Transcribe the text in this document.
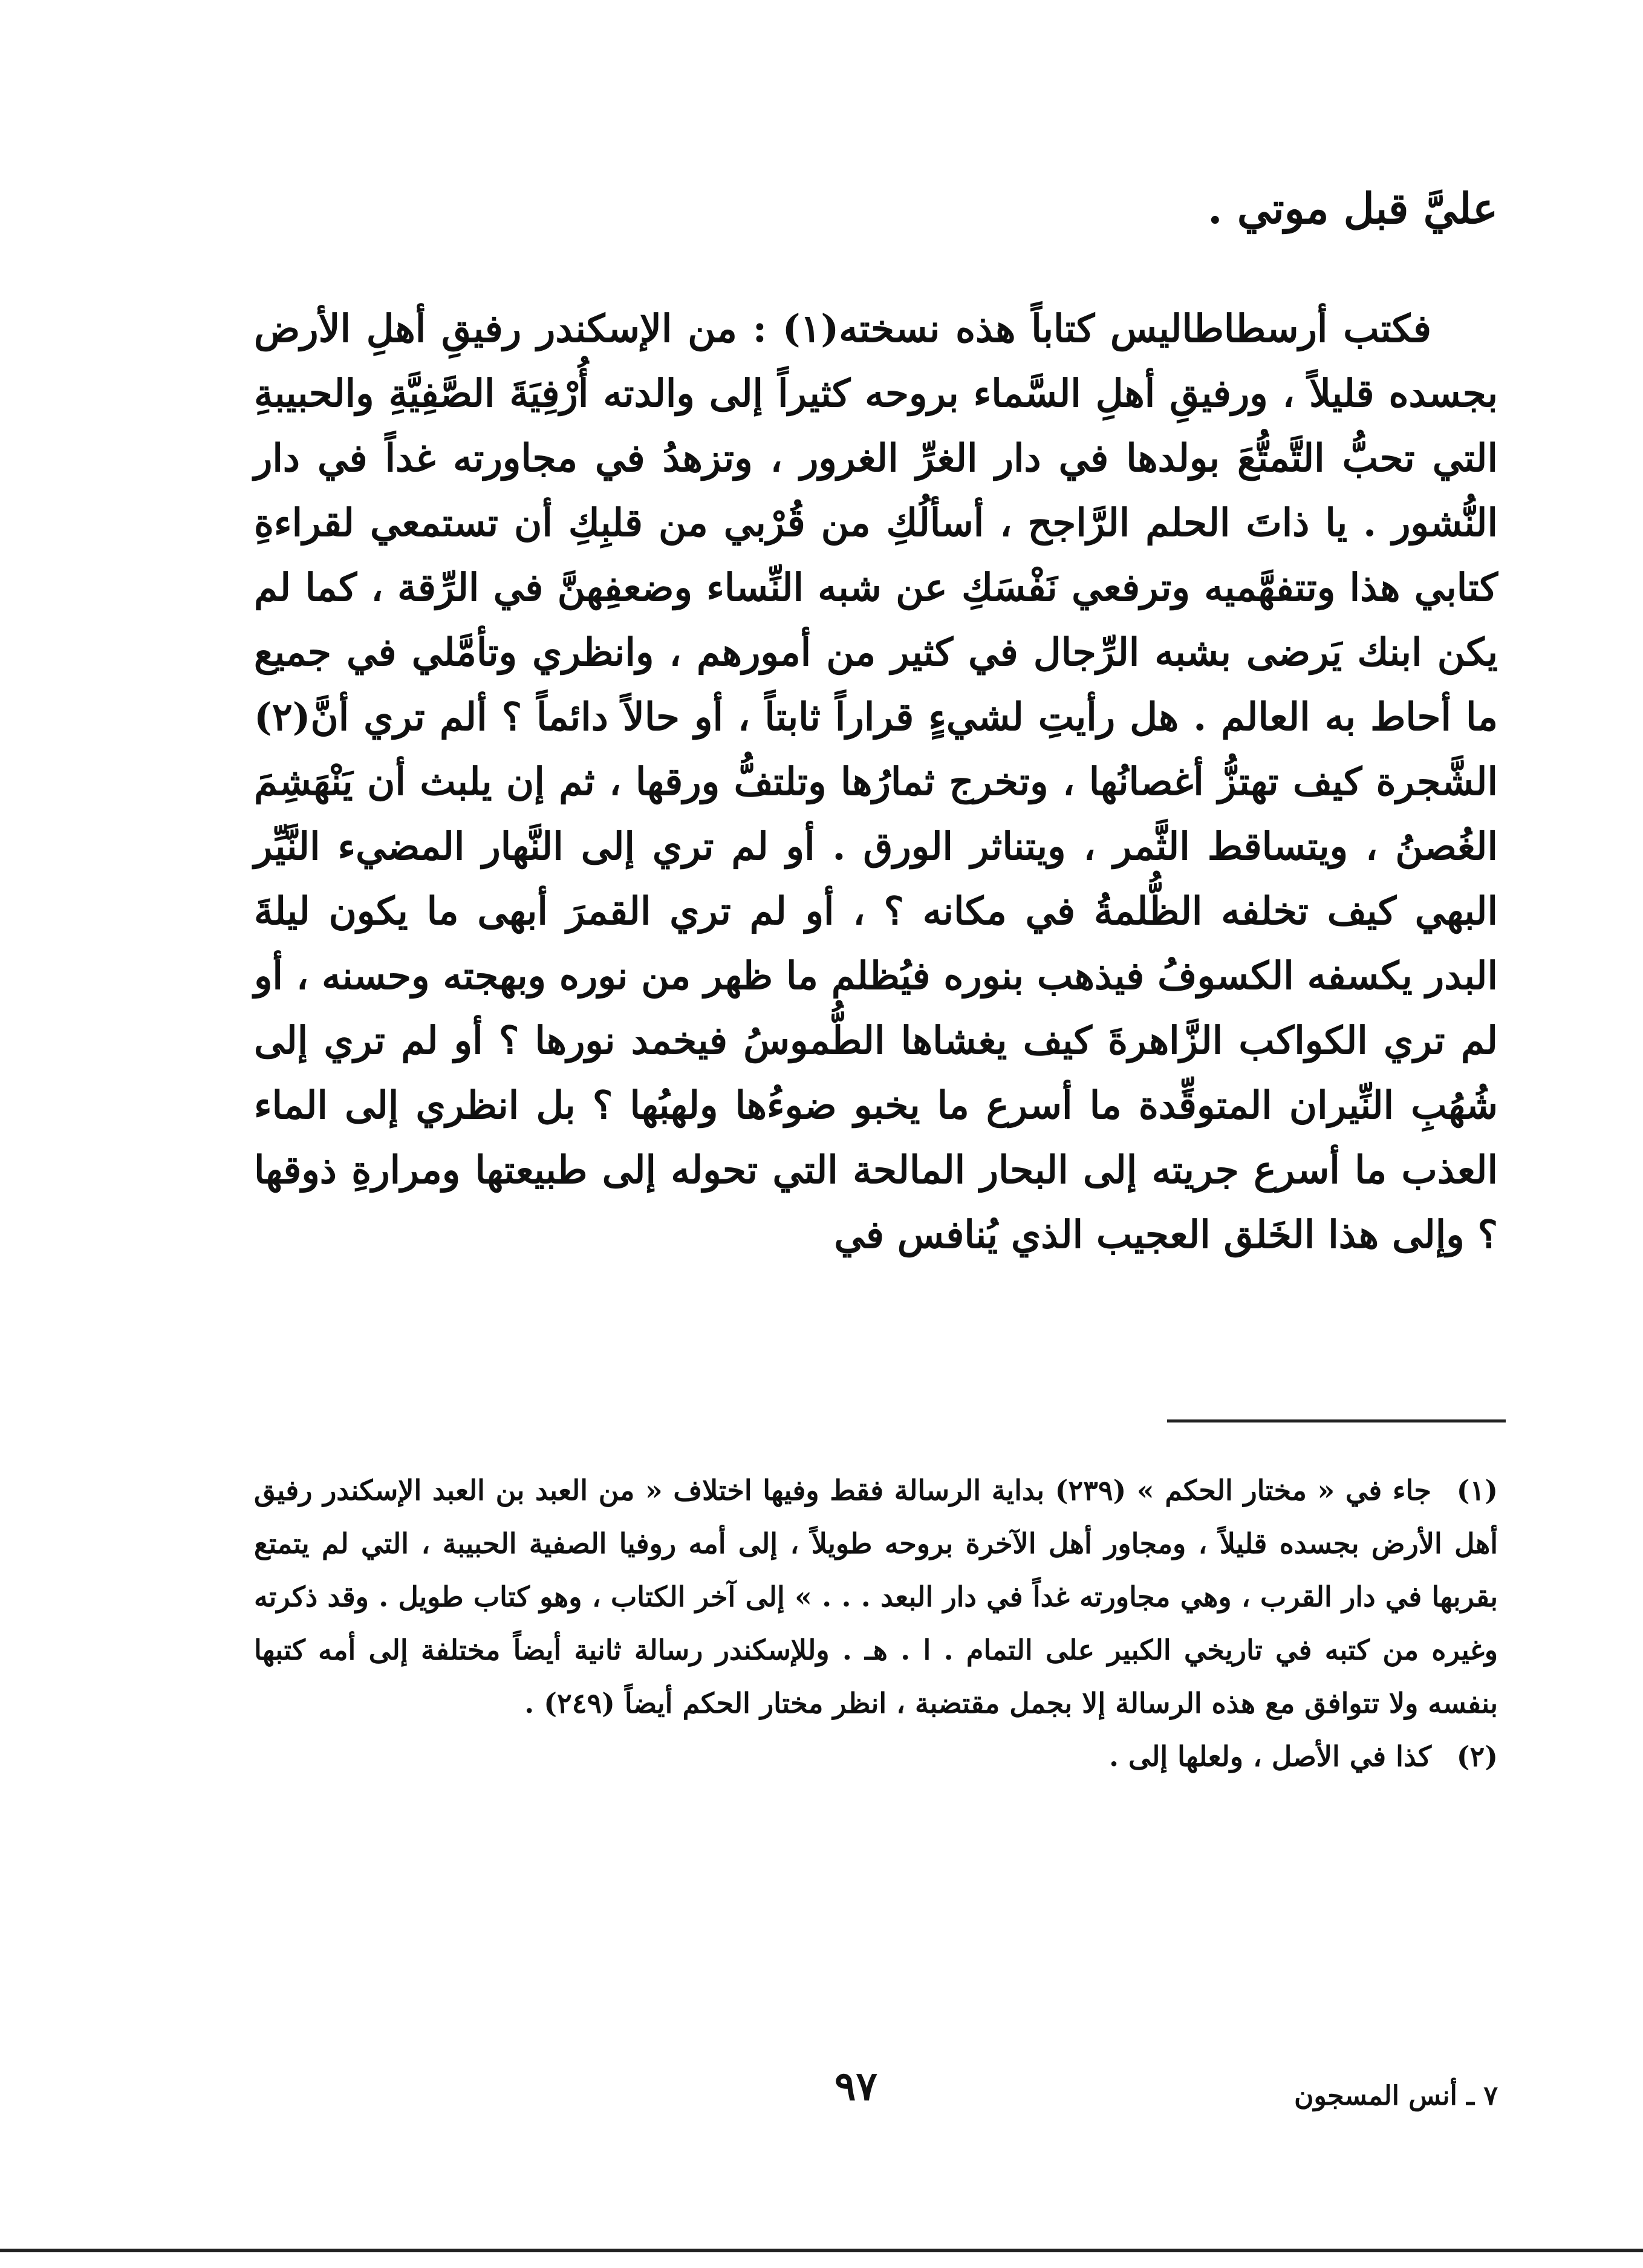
عليَّ قبل موتي .

فكتب أرسطاطاليس كتاباً هذه نسخته(١) : من الإسكندر رفيقِ أهلِ الأرض بجسده قليلاً ، ورفيقِ أهلِ السَّماء بروحه كثيراً إلى والدته أُرْفِيَةَ الصَّفِيَّةِ والحبيبةِ التي تحبُّ التَّمتُّعَ بولدها في دار الغرِّ الغرور ، وتزهدُ في مجاورته غداً في دار النُّشور . يا ذاتَ الحلم الرَّاجح ، أسألُكِ من قُرْبي من قلبِكِ أن تستمعي لقراءةِ كتابي هذا وتتفهَّميه وترفعي نَفْسَكِ عن شبه النِّساء وضعفِهنَّ في الرِّقة ، كما لم يكن ابنك يَرضى بشبه الرِّجال في كثير من أمورهم ، وانظري وتأمَّلي في جميع ما أحاط به العالم . هل رأيتِ لشيءٍ قراراً ثابتاً ، أو حالاً دائماً ؟ ألم تري أنَّ(٢) الشَّجرة كيف تهتزُّ أغصانُها ، وتخرج ثمارُها وتلتفُّ ورقها ، ثم إن يلبث أن يَنْهَشِمَ الغُصنُ ، ويتساقط الثَّمر ، ويتناثر الورق . أو لم تري إلى النَّهار المضيء النَّيِّر البهي كيف تخلفه الظُّلمةُ في مكانه ؟ ، أو لم تري القمرَ أبهى ما يكون ليلةَ البدر يكسفه الكسوفُ فيذهب بنوره فيُظلم ما ظهر من نوره وبهجته وحسنه ، أو لم تري الكواكب الزَّاهرةَ كيف يغشاها الطُّموسُ فيخمد نورها ؟ أو لم تري إلى شُهُبِ النِّيران المتوقِّدة ما أسرع ما يخبو ضوءُها ولهبُها ؟ بل انظري إلى الماء العذب ما أسرع جريته إلى البحار المالحة التي تحوله إلى طبيعتها ومرارةِ ذوقها ؟ وإلى هذا الخَلق العجيب الذي يُنافس في

(١)جاء في « مختار الحكم » (٢٣٩) بداية الرسالة فقط وفيها اختلاف « من العبد بن العبد الإسكندر رفيق أهل الأرض بجسده قليلاً ، ومجاور أهل الآخرة بروحه طويلاً ، إلى أمه روفيا الصفية الحبيبة ، التي لم يتمتع بقربها في دار القرب ، وهي مجاورته غداً في دار البعد . . . » إلى آخر الكتاب ، وهو كتاب طويل . وقد ذكرته وغيره من كتبه في تاريخي الكبير على التمام . ا . هـ . وللإسكندر رسالة ثانية أيضاً مختلفة إلى أمه كتبها بنفسه ولا تتوافق مع هذه الرسالة إلا بجمل مقتضبة ، انظر مختار الحكم أيضاً (٢٤٩) .

(٢)كذا في الأصل ، ولعلها إلى .

٧ ـ أنس المسجون
٩٧
